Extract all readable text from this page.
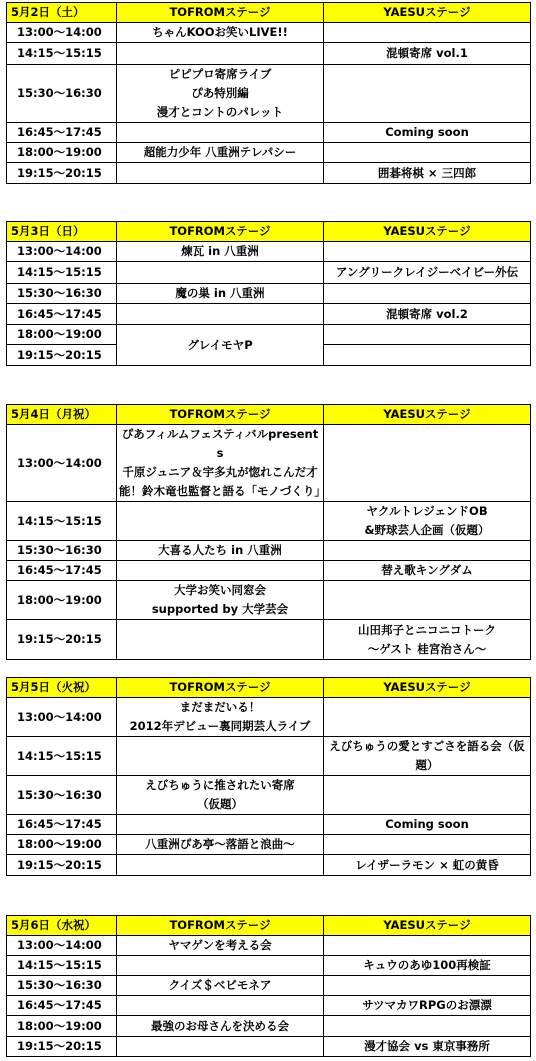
5月2日（土）	TOFROMステージ	YAESUステージ
13:00～14:00	ちゃんKOOお笑いLIVE!!	
14:15～15:15		混頓寄席 vol.1
15:30～16:30	ピピプロ寄席ライブ
ぴあ特別編
漫才とコントのパレット	
16:45～17:45		Coming soon
18:00～19:00	超能力少年 八重洲テレパシー	
19:15～20:15		囲碁将棋 × 三四郎
5月3日（日）	TOFROMステージ	YAESUステージ
13:00～14:00	煉瓦 in 八重洲	
14:15～15:15		アングリークレイジーベイビー外伝
15:30～16:30	魔の巣 in 八重洲	
16:45～17:45		混頓寄席 vol.2
18:00～19:00	グレイモヤP	
19:15～20:15		
5月4日（月祝）	TOFROMステージ	YAESUステージ
13:00～14:00	ぴあフィルムフェスティバルpresents
千原ジュニア＆宇多丸が惚れこんだ才能！鈴木竜也監督と語る「モノづくり」	
14:15～15:15		ヤクルトレジェンドOB
&野球芸人企画（仮題）
15:30～16:30	大喜る人たち in 八重洲	
16:45～17:45		替え歌キングダム
18:00～19:00	大学お笑い同窓会
supported by 大学芸会	
19:15～20:15		山田邦子とニコニコトーク
～ゲスト 桂宮治さん～
5月5日（火祝）	TOFROMステージ	YAESUステージ
13:00～14:00	まだまだいる！
2012年デビュー裏同期芸人ライブ	
14:15～15:15		えびちゅうの愛とすごさを語る会（仮題）
15:30～16:30	えびちゅうに推されたい寄席
（仮題）	
16:45～17:45		Coming soon
18:00～19:00	八重洲ぴあ亭～落語と浪曲～	
19:15～20:15		レイザーラモン × 虹の黄昏
5月6日（水祝）	TOFROMステージ	YAESUステージ
13:00～14:00	ヤマゲンを考える会	
14:15～15:15		キュウのあゆ100再検証
15:30～16:30	クイズ＄ベビモネア	
16:45～17:45		サツマカワRPGのお漂漂
18:00～19:00	最強のお母さんを決める会	
19:15～20:15		漫才協会 vs 東京事務所
